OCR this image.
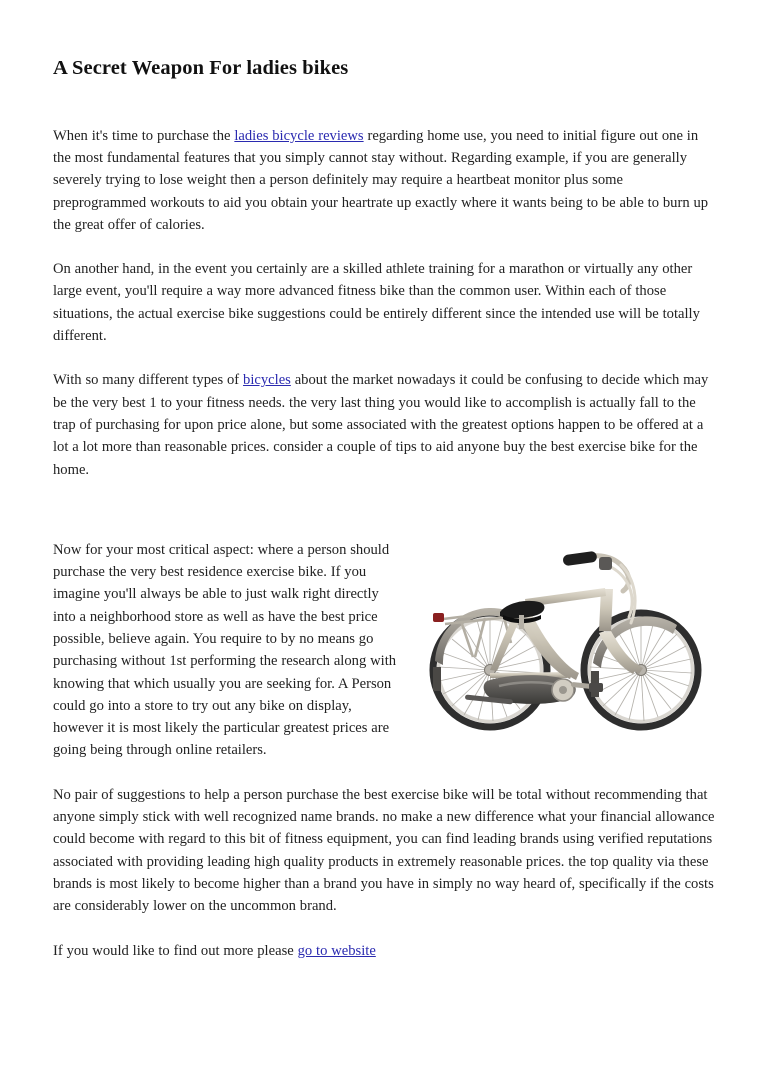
A Secret Weapon For ladies bikes

When it's time to purchase the ladies bicycle reviews regarding home use, you need to initial figure out one in the most fundamental features that you simply cannot stay without. Regarding example, if you are generally severely trying to lose weight then a person definitely may require a heartbeat monitor plus some preprogrammed workouts to aid you obtain your heartrate up exactly where it wants being to be able to burn up the great offer of calories.

On another hand, in the event you certainly are a skilled athlete training for a marathon or virtually any other large event, you'll require a way more advanced fitness bike than the common user. Within each of those situations, the actual exercise bike suggestions could be entirely different since the intended use will be totally different.

With so many different types of bicycles about the market nowadays it could be confusing to decide which may be the very best 1 to your fitness needs. the very last thing you would like to accomplish is actually fall to the trap of purchasing for upon price alone, but some associated with the greatest options happen to be offered at a lot a lot more than reasonable prices. consider a couple of tips to aid anyone buy the best exercise bike for the home.

Now for your most critical aspect: where a person should purchase the very best residence exercise bike. If you imagine you'll always be able to just walk right directly into a neighborhood store as well as have the best price possible, believe again. You require to by no means go purchasing without 1st performing the research along with knowing that which usually you are seeking for. A Person could go into a store to try out any bike on display, however it is most likely the particular greatest prices are going being through online retailers.

No pair of suggestions to help a person purchase the best exercise bike will be total without recommending that anyone simply stick with well recognized name brands. no make a new difference what your financial allowance could become with regard to this bit of fitness equipment, you can find leading brands using verified reputations associated with providing leading high quality products in extremely reasonable prices. the top quality via these brands is most likely to become higher than a brand you have in simply no way heard of, specifically if the costs are considerably lower on the uncommon brand.

If you would like to find out more please go to website
